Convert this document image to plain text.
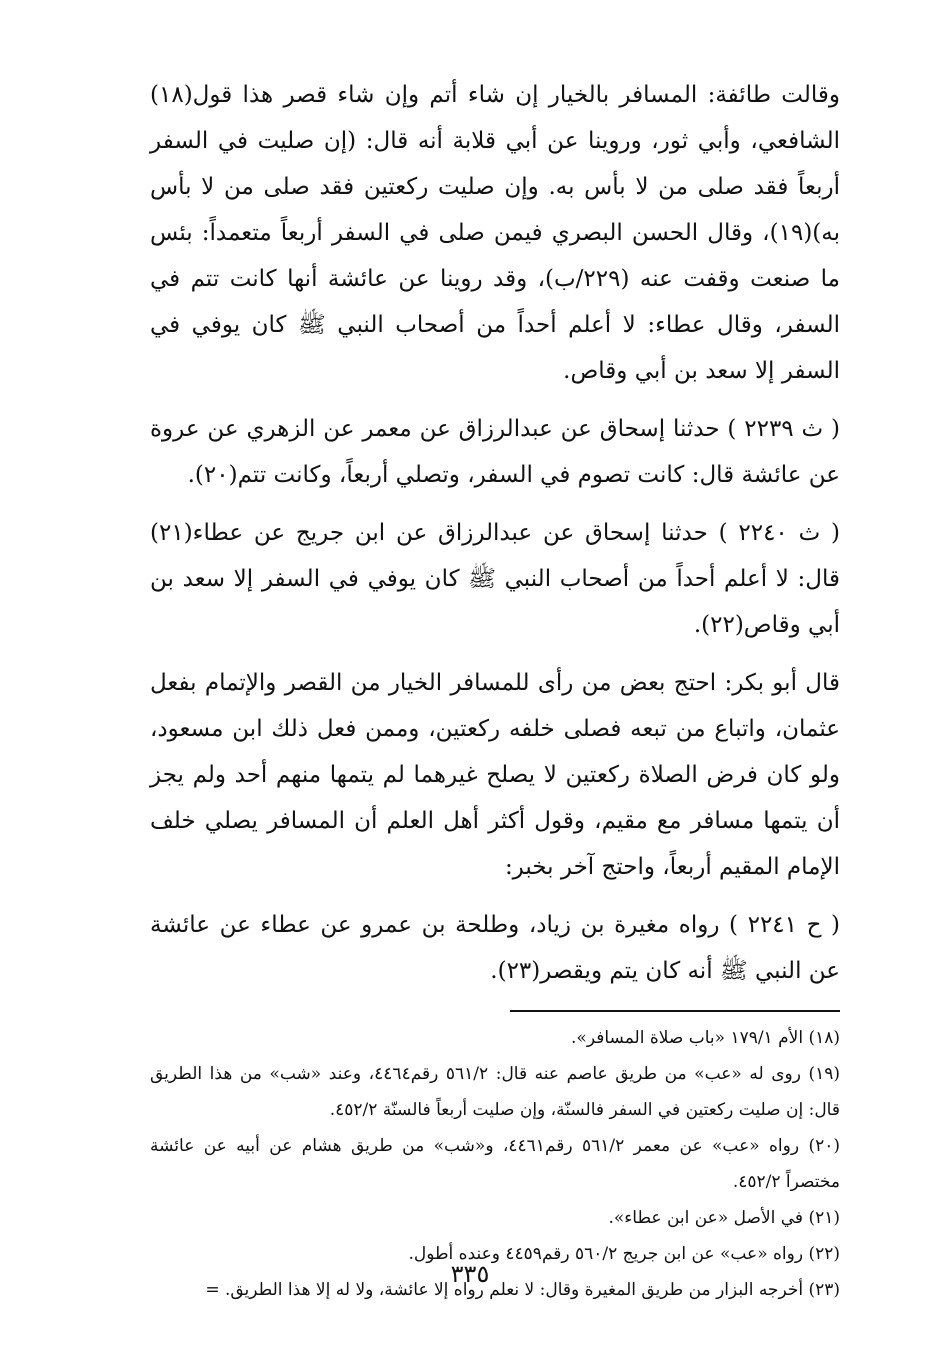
وقالت طائفة: المسافر بالخيار إن شاء أتم وإن شاء قصر هذا قول(١٨) الشافعي، وأبي ثور، وروينا عن أبي قلابة أنه قال: (إن صليت في السفر أربعاً فقد صلى من لا بأس به. وإن صليت ركعتين فقد صلى من لا بأس به)(١٩)، وقال الحسن البصري فيمن صلى في السفر أربعاً متعمداً: بئس ما صنعت وقفت عنه (٢٢٩/ب)، وقد روينا عن عائشة أنها كانت تتم في السفر، وقال عطاء: لا أعلم أحداً من أصحاب النبي ﷺ كان يوفي في السفر إلا سعد بن أبي وقاص.

( ث ٢٢٣٩ ) حدثنا إسحاق عن عبدالرزاق عن معمر عن الزهري عن عروة عن عائشة قال: كانت تصوم في السفر، وتصلي أربعاً، وكانت تتم(٢٠).

( ث ٢٢٤٠ ) حدثنا إسحاق عن عبدالرزاق عن ابن جريج عن عطاء(٢١) قال: لا أعلم أحداً من أصحاب النبي ﷺ كان يوفي في السفر إلا سعد بن أبي وقاص(٢٢).

قال أبو بكر: احتج بعض من رأى للمسافر الخيار من القصر والإتمام بفعل عثمان، واتباع من تبعه فصلى خلفه ركعتين، وممن فعل ذلك ابن مسعود، ولو كان فرض الصلاة ركعتين لا يصلح غيرهما لم يتمها منهم أحد ولم يجز أن يتمها مسافر مع مقيم، وقول أكثر أهل العلم أن المسافر يصلي خلف الإمام المقيم أربعاً، واحتج آخر بخبر:

( ح ٢٢٤١ ) رواه مغيرة بن زياد، وطلحة بن عمرو عن عطاء عن عائشة عن النبي ﷺ أنه كان يتم ويقصر(٢٣).

(١٨) الأم ١٧٩/١ «باب صلاة المسافر».

(١٩) روى له «عب» من طريق عاصم عنه قال: ٥٦١/٢ رقم٤٤٦٤، وعند «شب» من هذا الطريق قال: إن صليت ركعتين في السفر فالسنّة، وإن صليت أربعاً فالسنّة ٤٥٢/٢.

(٢٠) رواه «عب» عن معمر ٥٦١/٢ رقم٤٤٦١، و«شب» من طريق هشام عن أبيه عن عائشة مختصراً ٤٥٢/٢.

(٢١) في الأصل «عن ابن عطاء».

(٢٢) رواه «عب» عن ابن جريج ٥٦٠/٢ رقم٤٤٥٩ وعنده أطول.

(٢٣) أخرجه البزار من طريق المغيرة وقال: لا نعلم رواه إلا عائشة، ولا له إلا هذا الطريق. =

٣٣٥
